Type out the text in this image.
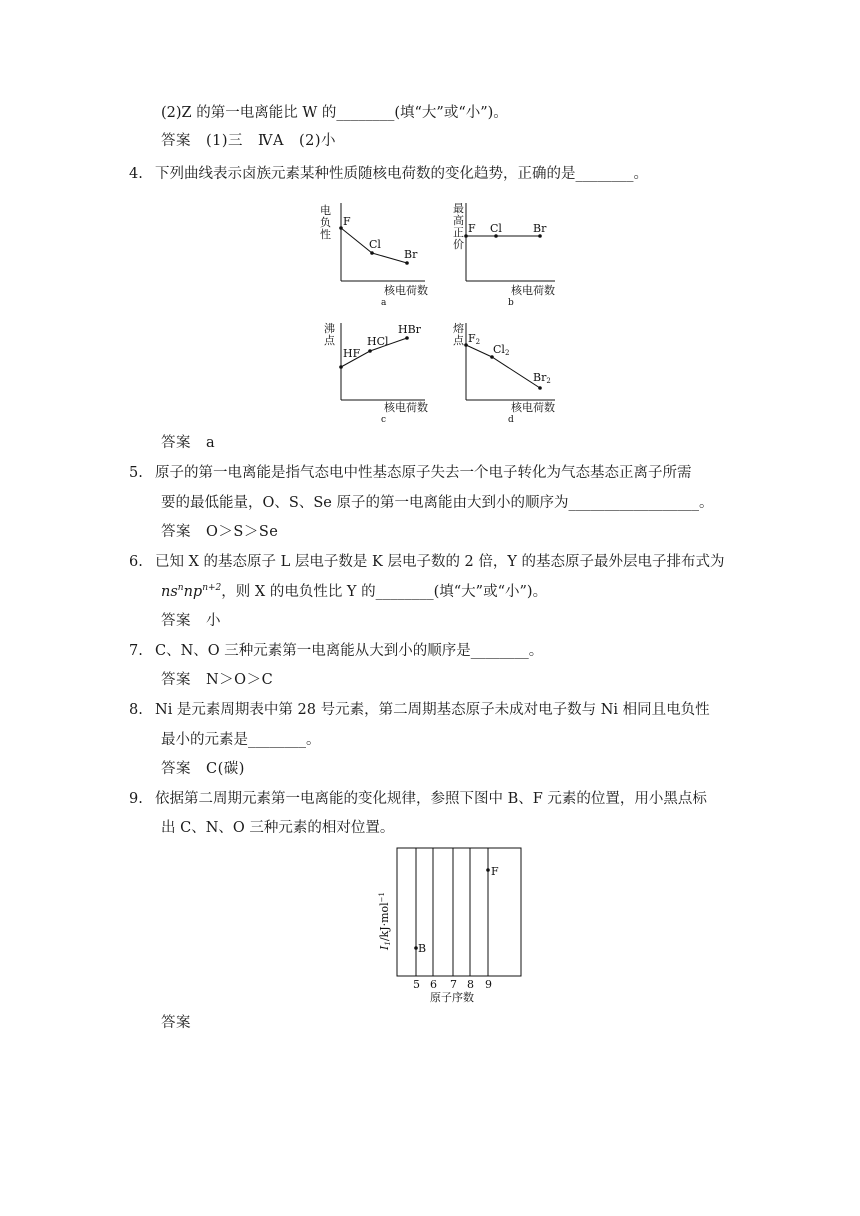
(2)Z 的第一电离能比 W 的________(填“大”或“小”)。
答案　(1)三　ⅣA　(2)小
4. 下列曲线表示卤族元素某种性质随核电荷数的变化趋势，正确的是________。
电
负
性
F
Cl
Br
核电荷数
a
最
高
正
价
F Cl	Br
核电荷数
b
沸
点
HF
HCl
HBr
核电荷数
c
熔
点 F2
Cl2
Br2
核电荷数
d
答案　a
5. 原子的第一电离能是指气态电中性基态原子失去一个电子转化为气态基态正离子所需
要的最低能量，O、S、Se 原子的第一电离能由大到小的顺序为__________________。
答案　O＞S＞Se
6. 已知 X 的基态原子 L 层电子数是 K 层电子数的 2 倍，Y 的基态原子最外层电子排布式为
$ns^nnp^{n+2}$，则 X 的电负性比 Y 的________(填“大”或“小”)。
答案　小
7. C、N、O 三种元素第一电离能从大到小的顺序是________。
答案　N＞O＞C
8. Ni 是元素周期表中第 28 号元素，第二周期基态原子未成对电子数与 Ni 相同且电负性
最小的元素是________。
答案　C(碳)
9. 依据第二周期元素第一电离能的变化规律，参照下图中 B、F 元素的位置，用小黑点标
出 C、N、O 三种元素的相对位置。
I1/kJ·mol$^{-1}$
B
F
5 6 7 8 9
原子序数
答案
